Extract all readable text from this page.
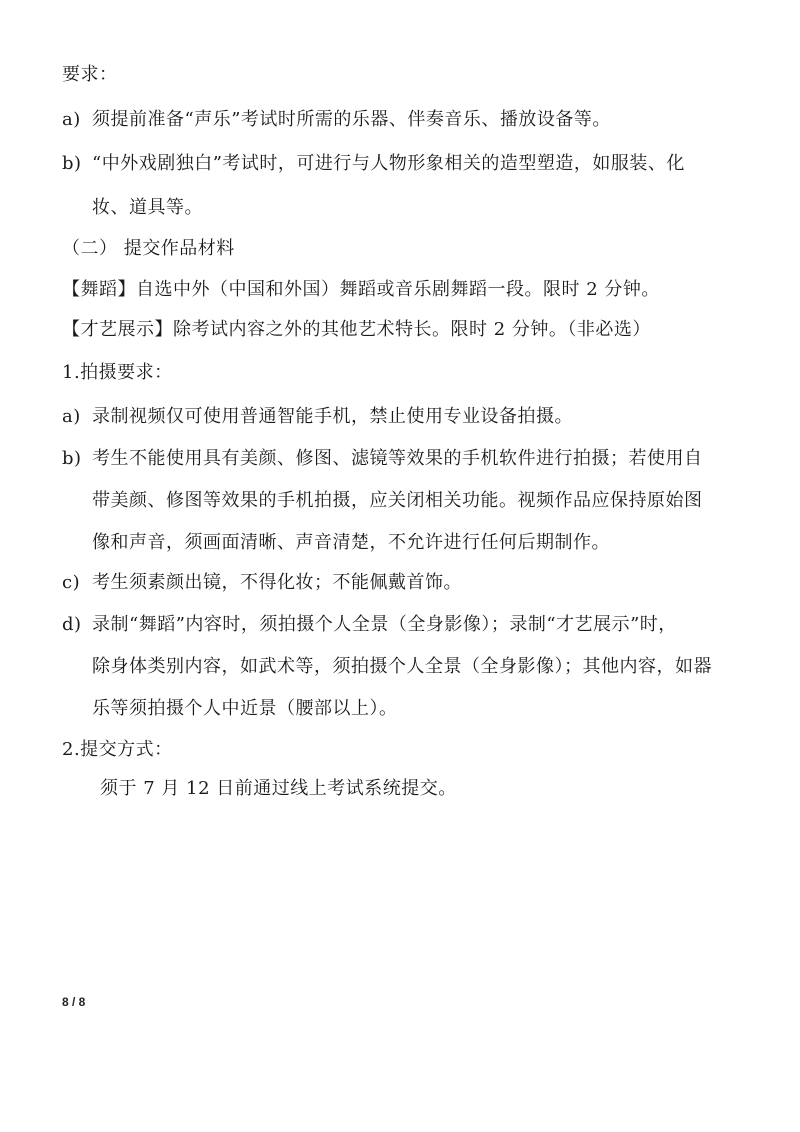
要求：
a) 须提前准备“声乐”考试时所需的乐器、伴奏音乐、播放设备等。
b) “中外戏剧独白”考试时，可进行与人物形象相关的造型塑造，如服装、化
妆、道具等。
（二） 提交作品材料
【舞蹈】自选中外（中国和外国）舞蹈或音乐剧舞蹈一段。限时 2 分钟。
【才艺展示】除考试内容之外的其他艺术特长。限时 2 分钟。（非必选）
1.拍摄要求：
a) 录制视频仅可使用普通智能手机，禁止使用专业设备拍摄。
b) 考生不能使用具有美颜、修图、滤镜等效果的手机软件进行拍摄；若使用自
带美颜、修图等效果的手机拍摄，应关闭相关功能。视频作品应保持原始图
像和声音，须画面清晰、声音清楚，不允许进行任何后期制作。
c) 考生须素颜出镜，不得化妆；不能佩戴首饰。
d) 录制“舞蹈”内容时，须拍摄个人全景（全身影像）；录制“才艺展示”时，
除身体类别内容，如武术等，须拍摄个人全景（全身影像）；其他内容，如器
乐等须拍摄个人中近景（腰部以上）。
2.提交方式：
须于 7 月 12 日前通过线上考试系统提交。
8 / 8
